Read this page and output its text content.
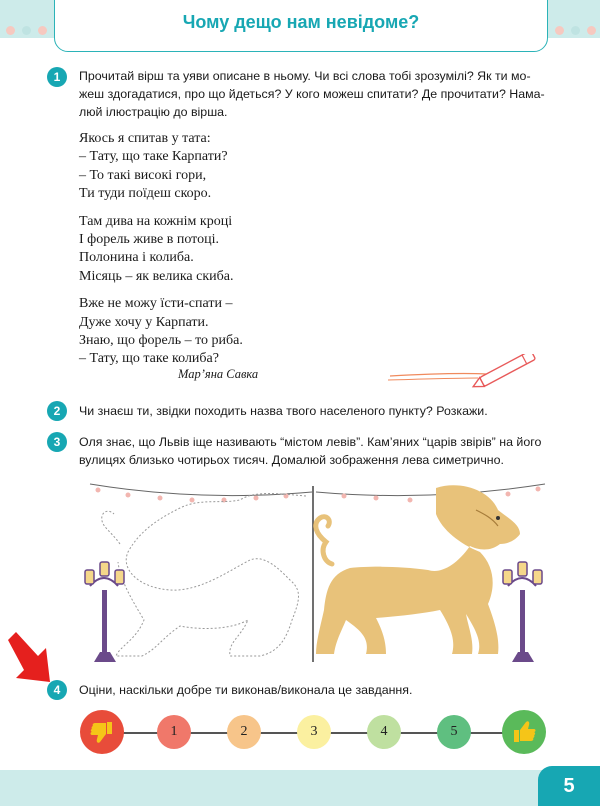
Чому дещо нам невідоме?
1	Прочитай вірш та уяви описане в ньому. Чи всі слова тобі зрозумілі? Як ти мо-
жеш здогадатися, про що йдеться? У кого можеш спитати? Де прочитати? Нама-
люй ілюстрацію до вірша.
Якось я спитав у тата:
– Тату, що таке Карпати?
– То такі високі гори,
Ти туди поїдеш скоро.
Там дива на кожнім кроці
І форель живе в потоці.
Полонина і колиба.
Місяць – як велика скиба.
Вже не можу їсти-спати –
Дуже хочу у Карпати.
Знаю, що форель – то риба.
– Тату, що таке колиба?
Мар’яна Савка
2	Чи знаєш ти, звідки походить назва твого населеного пункту? Розкажи.
3	Оля знає, що Львів іще називають “містом левів”. Кам’яних “царів звірів” на його
вулицях близько чотирьох тисяч. Домалюй зображення лева симетрично.
4	Оціни, наскільки добре ти виконав/виконала це завдання.
1	2	3	4	5
5
